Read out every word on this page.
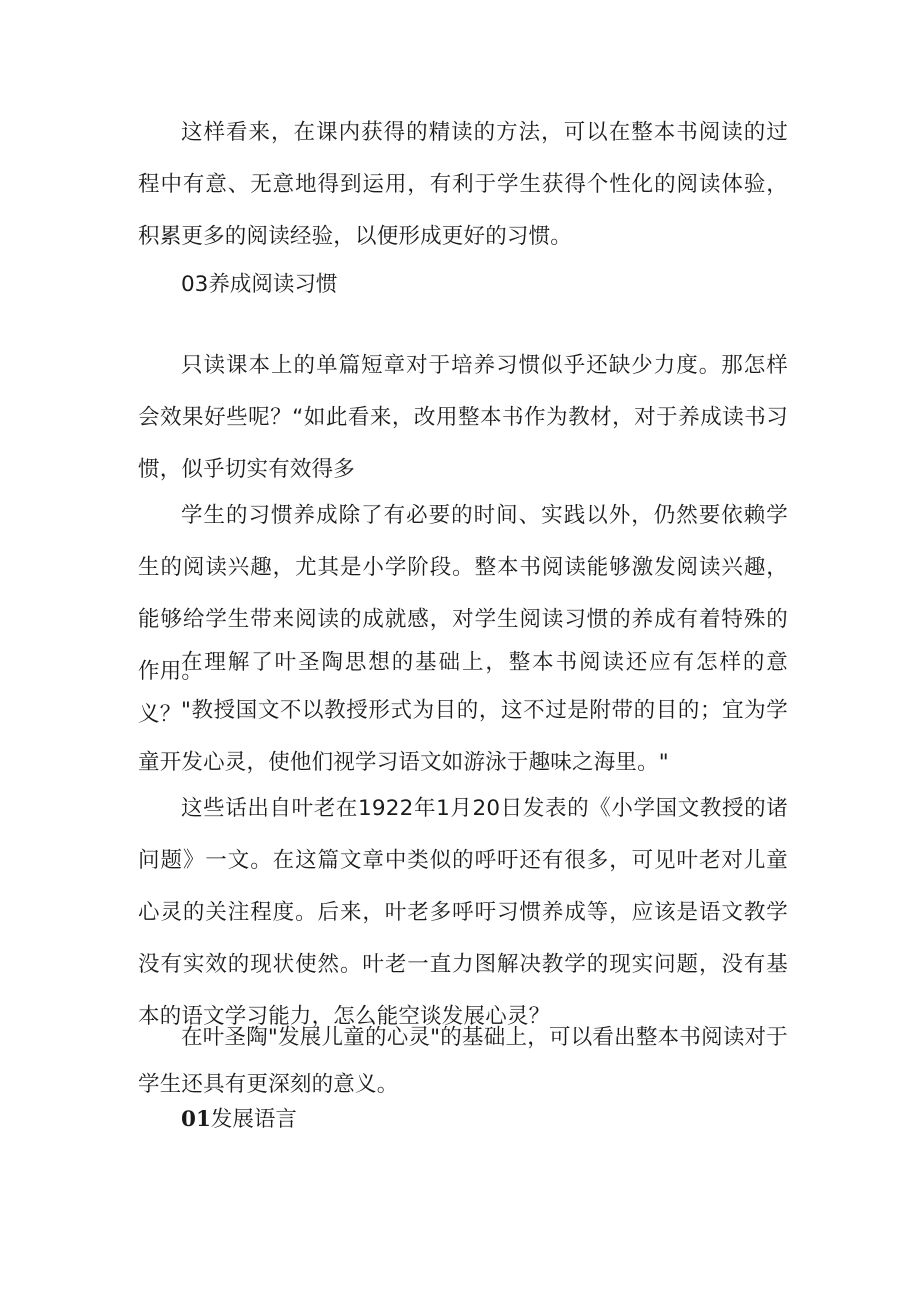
这样看来，在课内获得的精读的方法，可以在整本书阅读的过程中有意、无意地得到运用，有利于学生获得个性化的阅读体验，积累更多的阅读经验，以便形成更好的习惯。

03养成阅读习惯

只读课本上的单篇短章对于培养习惯似乎还缺少力度。那怎样会效果好些呢？“如此看来，改用整本书作为教材，对于养成读书习惯，似乎切实有效得多

学生的习惯养成除了有必要的时间、实践以外，仍然要依赖学生的阅读兴趣，尤其是小学阶段。整本书阅读能够激发阅读兴趣，能够给学生带来阅读的成就感，对学生阅读习惯的养成有着特殊的作用。

在理解了叶圣陶思想的基础上，整本书阅读还应有怎样的意义？ "教授国文不以教授形式为目的，这不过是附带的目的；宜为学童开发心灵，使他们视学习语文如游泳于趣味之海里。"

这些话出自叶老在1922年1月20日发表的《小学国文教授的诸问题》一文。在这篇文章中类似的呼吁还有很多，可见叶老对儿童心灵的关注程度。后来，叶老多呼吁习惯养成等，应该是语文教学没有实效的现状使然。叶老一直力图解决教学的现实问题，没有基本的语文学习能力，怎么能空谈发展心灵？

在叶圣陶"发展儿童的心灵"的基础上，可以看出整本书阅读对于学生还具有更深刻的意义。

01发展语言
